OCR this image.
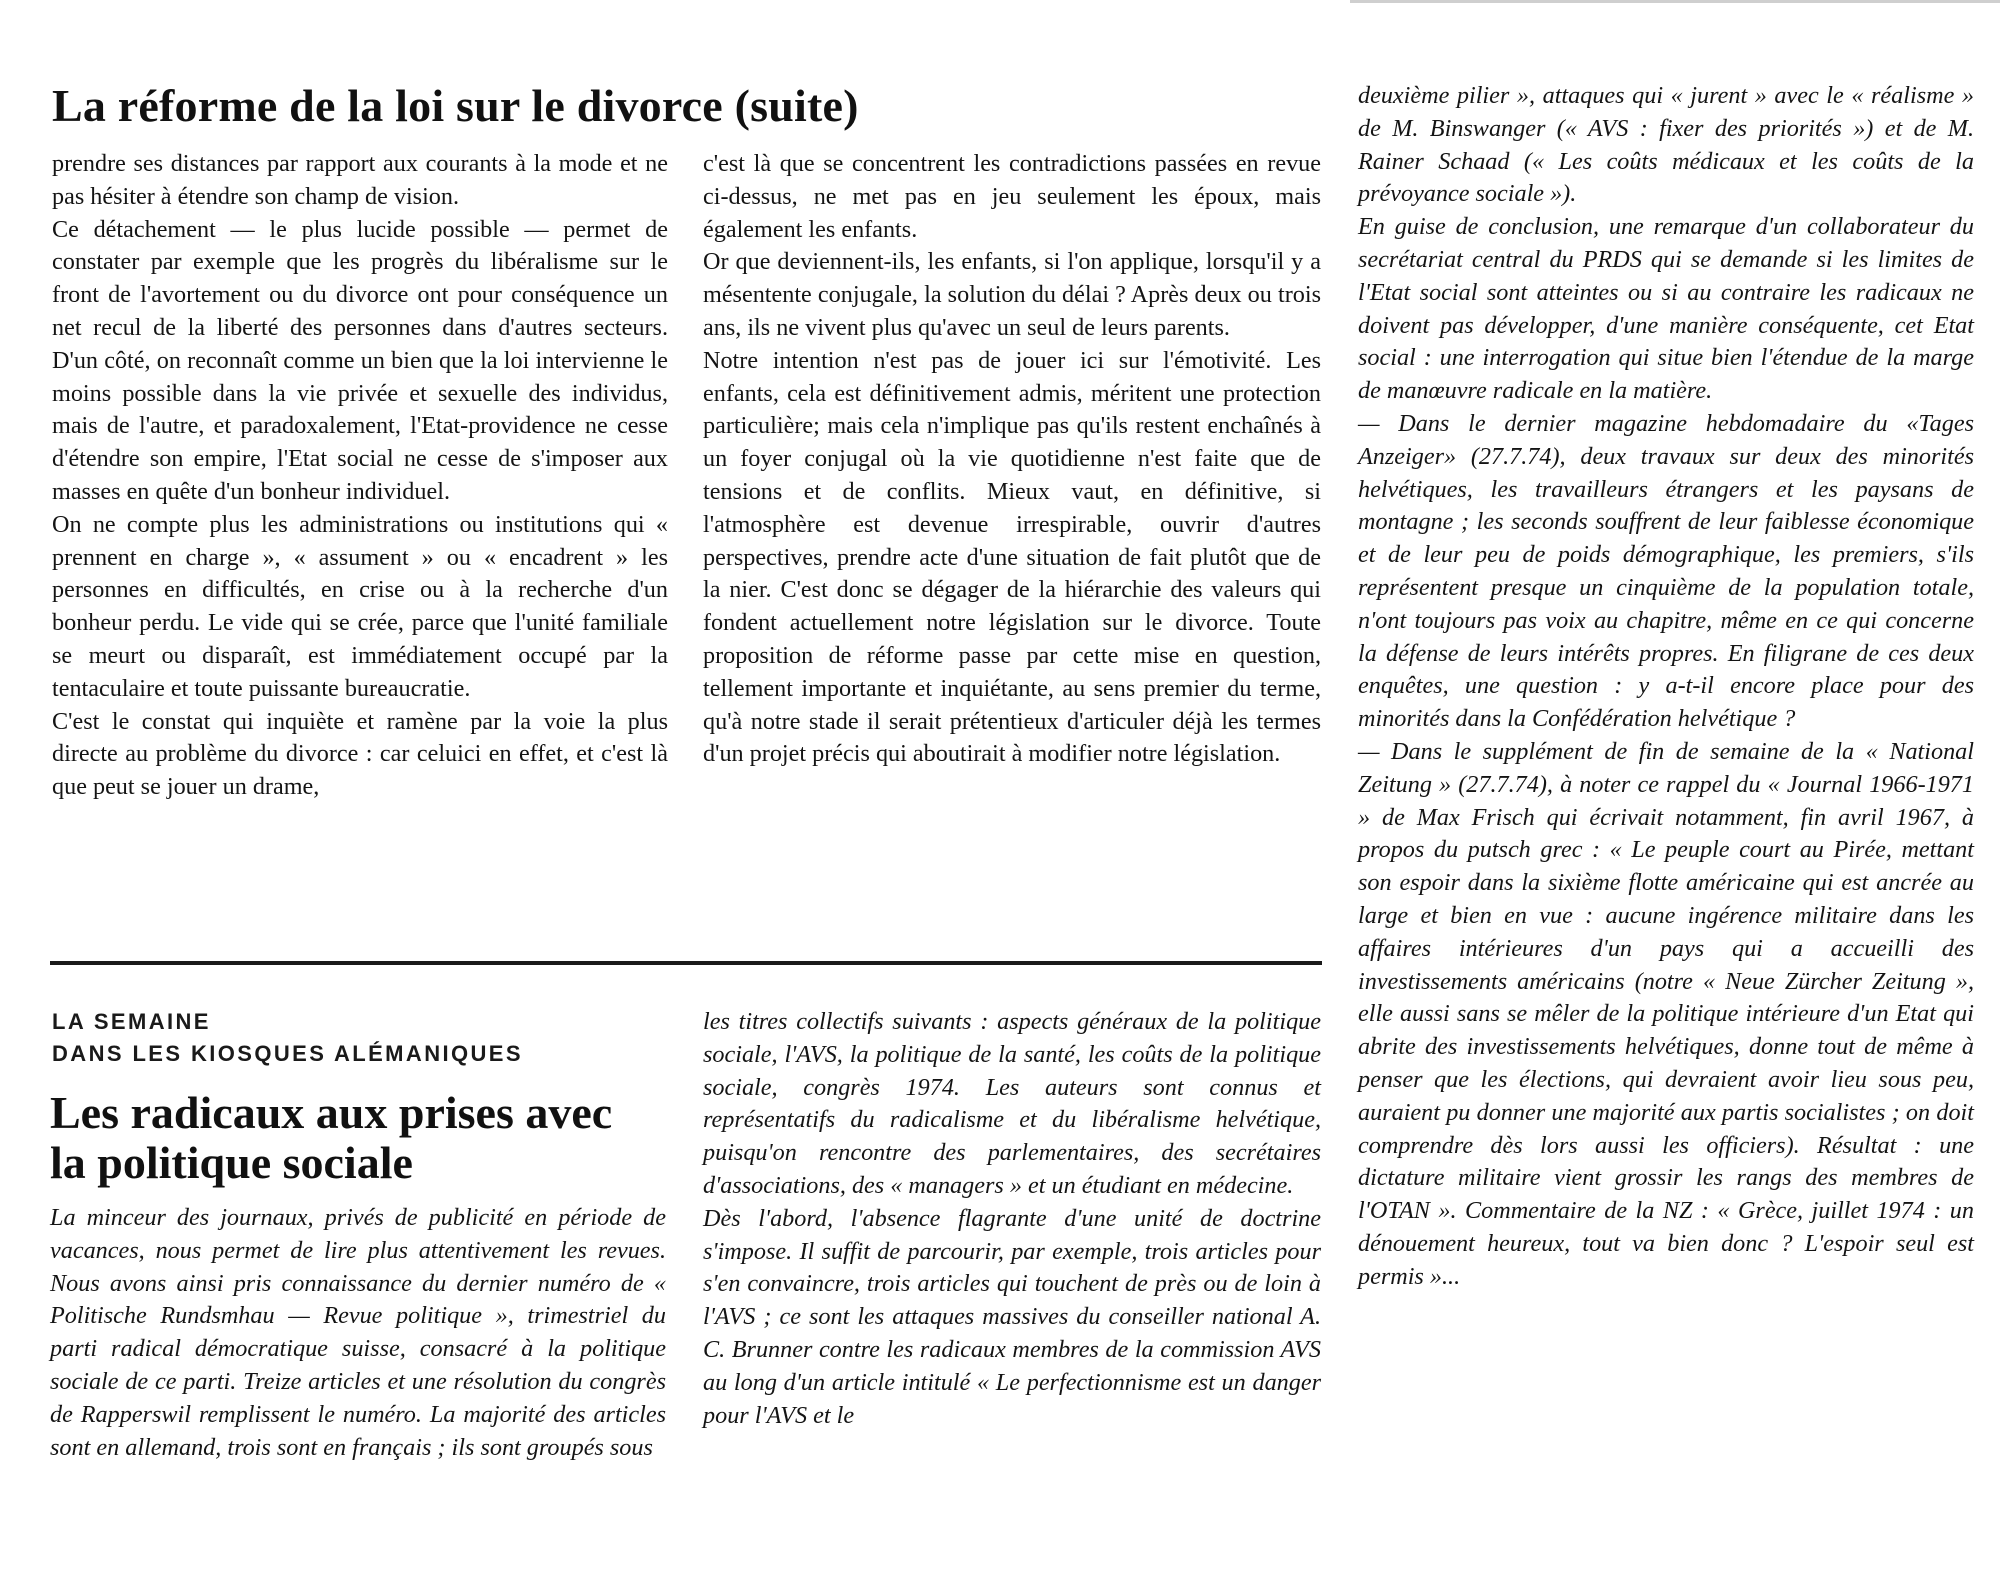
La réforme de la loi sur le divorce (suite)

prendre ses distances par rapport aux courants à la mode et ne pas hésiter à étendre son champ de vision.

Ce détachement — le plus lucide possible — permet de constater par exemple que les progrès du libéralisme sur le front de l'avortement ou du divorce ont pour conséquence un net recul de la liberté des personnes dans d'autres secteurs. D'un côté, on reconnaît comme un bien que la loi intervienne le moins possible dans la vie privée et sexuelle des individus, mais de l'autre, et paradoxalement, l'Etat-providence ne cesse d'étendre son empire, l'Etat social ne cesse de s'imposer aux masses en quête d'un bonheur individuel.

On ne compte plus les administrations ou institutions qui « prennent en charge », « assument » ou « encadrent » les personnes en difficultés, en crise ou à la recherche d'un bonheur perdu. Le vide qui se crée, parce que l'unité familiale se meurt ou disparaît, est immédiatement occupé par la tentaculaire et toute puissante bureaucratie.

C'est le constat qui inquiète et ramène par la voie la plus directe au problème du divorce : car celuici en effet, et c'est là que peut se jouer un drame,

c'est là que se concentrent les contradictions passées en revue ci-dessus, ne met pas en jeu seulement les époux, mais également les enfants.

Or que deviennent-ils, les enfants, si l'on applique, lorsqu'il y a mésentente conjugale, la solution du délai ? Après deux ou trois ans, ils ne vivent plus qu'avec un seul de leurs parents.

Notre intention n'est pas de jouer ici sur l'émotivité. Les enfants, cela est définitivement admis, méritent une protection particulière; mais cela n'implique pas qu'ils restent enchaînés à un foyer conjugal où la vie quotidienne n'est faite que de tensions et de conflits. Mieux vaut, en définitive, si l'atmosphère est devenue irrespirable, ouvrir d'autres perspectives, prendre acte d'une situation de fait plutôt que de la nier. C'est donc se dégager de la hiérarchie des valeurs qui fondent actuellement notre législation sur le divorce. Toute proposition de réforme passe par cette mise en question, tellement importante et inquiétante, au sens premier du terme, qu'à notre stade il serait prétentieux d'articuler déjà les termes d'un projet précis qui aboutirait à modifier notre législation.

LA SEMAINE
DANS LES KIOSQUES ALÉMANIQUES
Les radicaux aux prises avec la politique sociale

La minceur des journaux, privés de publicité en période de vacances, nous permet de lire plus attentivement les revues. Nous avons ainsi pris connaissance du dernier numéro de « Politische Rundsmhau — Revue politique », trimestriel du parti radical démocratique suisse, consacré à la politique sociale de ce parti. Treize articles et une résolution du congrès de Rapperswil remplissent le numéro. La majorité des articles sont en allemand, trois sont en français ; ils sont groupés sous

les titres collectifs suivants : aspects généraux de la politique sociale, l'AVS, la politique de la santé, les coûts de la politique sociale, congrès 1974. Les auteurs sont connus et représentatifs du radicalisme et du libéralisme helvétique, puisqu'on rencontre des parlementaires, des secrétaires d'associations, des « managers » et un étudiant en médecine.

Dès l'abord, l'absence flagrante d'une unité de doctrine s'impose. Il suffit de parcourir, par exemple, trois articles pour s'en convaincre, trois articles qui touchent de près ou de loin à l'AVS ; ce sont les attaques massives du conseiller national A. C. Brunner contre les radicaux membres de la commission AVS au long d'un article intitulé « Le perfectionnisme est un danger pour l'AVS et le

deuxième pilier », attaques qui « jurent » avec le « réalisme » de M. Binswanger (« AVS : fixer des priorités ») et de M. Rainer Schaad (« Les coûts médicaux et les coûts de la prévoyance sociale »).

En guise de conclusion, une remarque d'un collaborateur du secrétariat central du PRDS qui se demande si les limites de l'Etat social sont atteintes ou si au contraire les radicaux ne doivent pas développer, d'une manière conséquente, cet Etat social : une interrogation qui situe bien l'étendue de la marge de manœuvre radicale en la matière.

— Dans le dernier magazine hebdomadaire du «Tages Anzeiger» (27.7.74), deux travaux sur deux des minorités helvétiques, les travailleurs étrangers et les paysans de montagne ; les seconds souffrent de leur faiblesse économique et de leur peu de poids démographique, les premiers, s'ils représentent presque un cinquième de la population totale, n'ont toujours pas voix au chapitre, même en ce qui concerne la défense de leurs intérêts propres. En filigrane de ces deux enquêtes, une question : y a-t-il encore place pour des minorités dans la Confédération helvétique ?

— Dans le supplément de fin de semaine de la « National Zeitung » (27.7.74), à noter ce rappel du « Journal 1966-1971 » de Max Frisch qui écrivait notamment, fin avril 1967, à propos du putsch grec : « Le peuple court au Pirée, mettant son espoir dans la sixième flotte américaine qui est ancrée au large et bien en vue : aucune ingérence militaire dans les affaires intérieures d'un pays qui a accueilli des investissements américains (notre « Neue Zürcher Zeitung », elle aussi sans se mêler de la politique intérieure d'un Etat qui abrite des investissements helvétiques, donne tout de même à penser que les élections, qui devraient avoir lieu sous peu, auraient pu donner une majorité aux partis socialistes ; on doit comprendre dès lors aussi les officiers). Résultat : une dictature militaire vient grossir les rangs des membres de l'OTAN ». Commentaire de la NZ : « Grèce, juillet 1974 : un dénouement heureux, tout va bien donc ? L'espoir seul est permis »...
